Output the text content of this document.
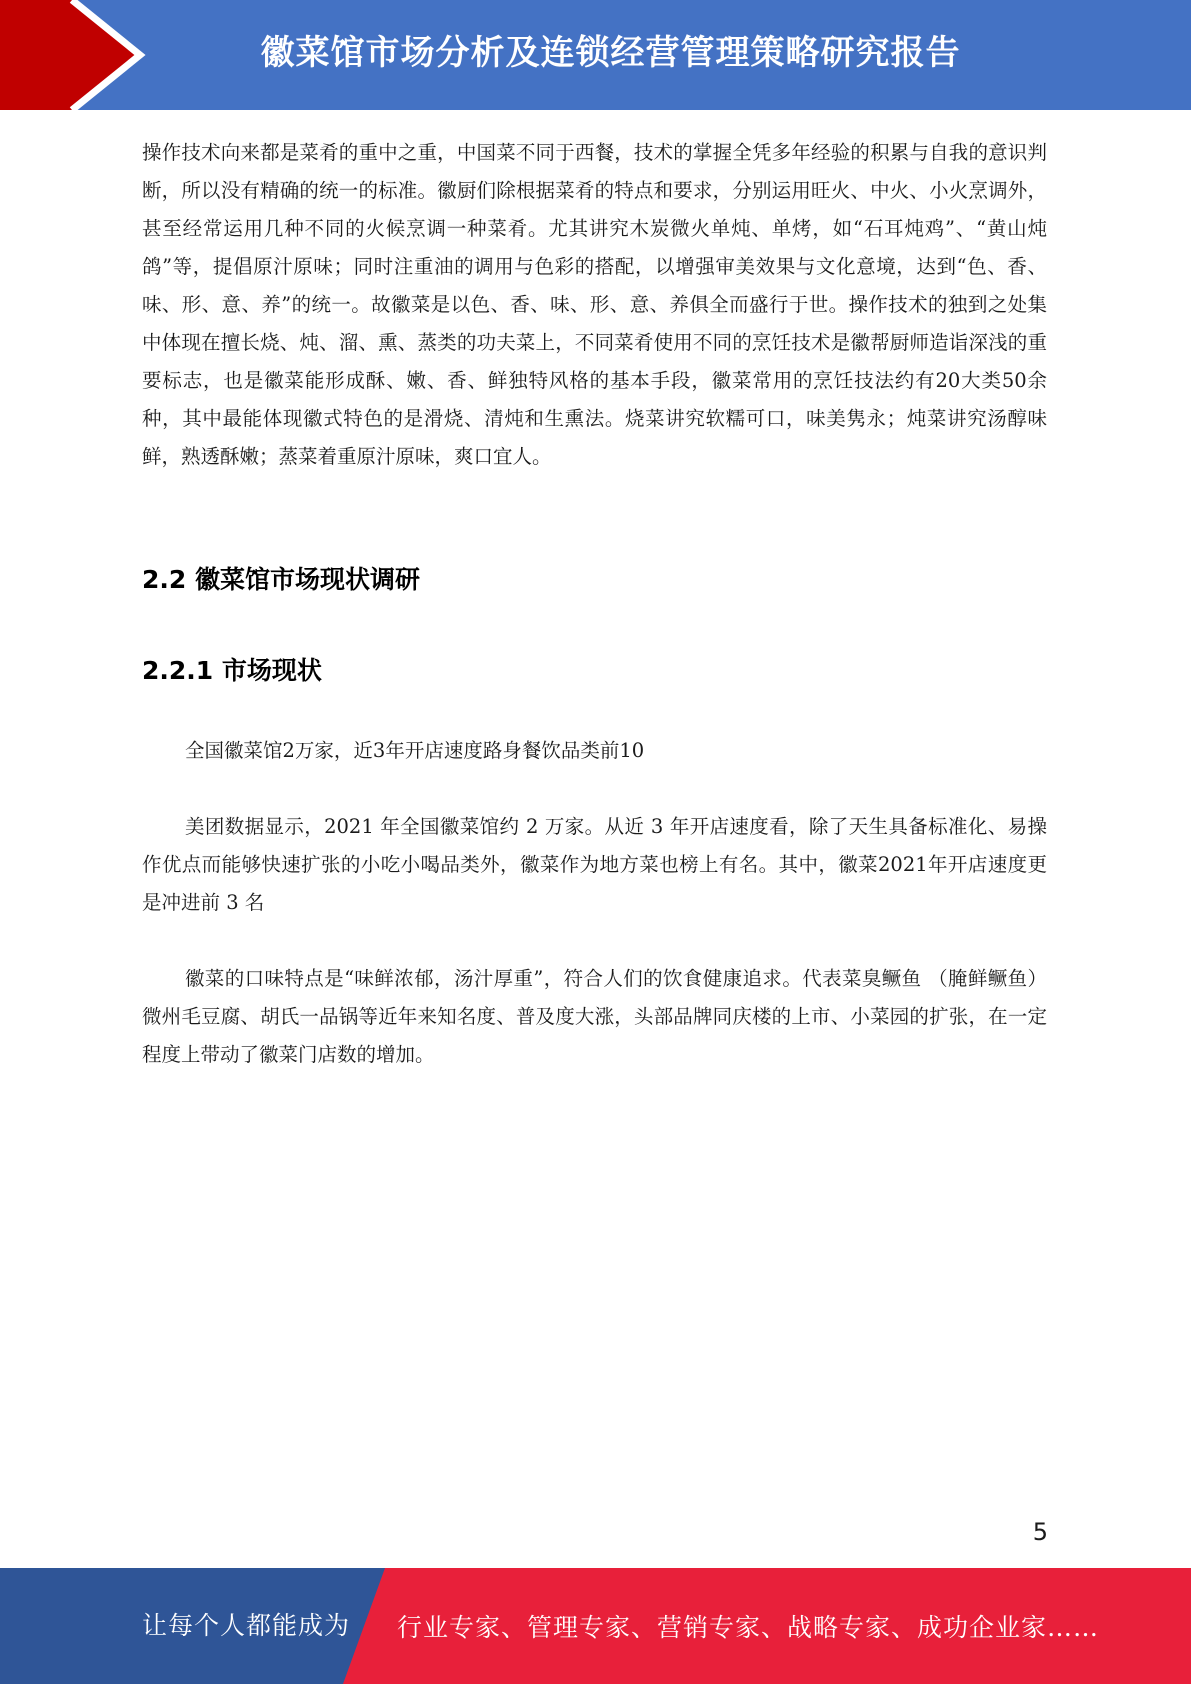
徽菜馆市场分析及连锁经营管理策略研究报告

操作技术向来都是菜肴的重中之重，中国菜不同于西餐，技术的掌握全凭多年经验的积累与自我的意识判断，所以没有精确的统一的标准。徽厨们除根据菜肴的特点和要求，分别运用旺火、中火、小火烹调外，甚至经常运用几种不同的火候烹调一种菜肴。尤其讲究木炭微火单炖、单烤，如“石耳炖鸡”、“黄山炖鸽”等，提倡原汁原味；同时注重油的调用与色彩的搭配，以增强审美效果与文化意境，达到“色、香、味、形、意、养”的统一。故徽菜是以色、香、味、形、意、养俱全而盛行于世。操作技术的独到之处集中体现在擅长烧、炖、溜、熏、蒸类的功夫菜上，不同菜肴使用不同的烹饪技术是徽帮厨师造诣深浅的重要标志，也是徽菜能形成酥、嫩、香、鲜独特风格的基本手段，徽菜常用的烹饪技法约有20大类50余种，其中最能体现徽式特色的是滑烧、清炖和生熏法。烧菜讲究软糯可口，味美隽永；炖菜讲究汤醇味鲜，熟透酥嫩；蒸菜着重原汁原味，爽口宜人。

2.2 徽菜馆市场现状调研
2.2.1 市场现状

全国徽菜馆2万家，近3年开店速度路身餐饮品类前10

美团数据显示，2021 年全国徽菜馆约 2 万家。从近 3 年开店速度看，除了天生具备标准化、易操作优点而能够快速扩张的小吃小喝品类外，徽菜作为地方菜也榜上有名。其中，徽菜2021年开店速度更是冲进前 3 名

徽菜的口味特点是“味鲜浓郁，汤汁厚重”，符合人们的饮食健康追求。代表菜臭鳜鱼 （腌鲜鳜鱼）微州毛豆腐、胡氏一品锅等近年来知名度、普及度大涨，头部品牌同庆楼的上市、小菜园的扩张，在一定程度上带动了徽菜门店数的增加。

5
让每个人都能成为 行业专家、管理专家、营销专家、战略专家、成功企业家……
